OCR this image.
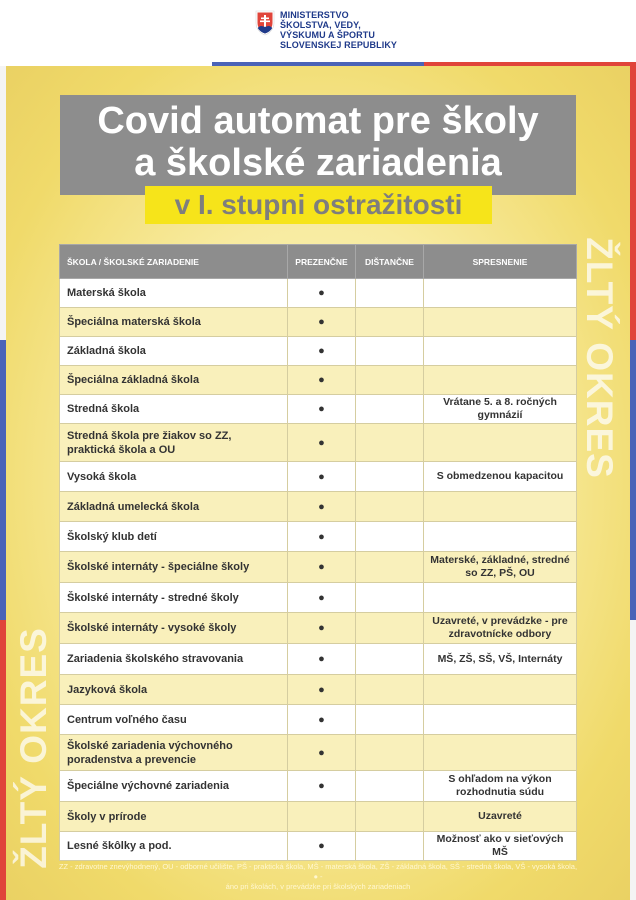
MINISTERSTVO
ŠKOLSTVA, VEDY,
VÝSKUMU A ŠPORTU
SLOVENSKEJ REPUBLIKY
ŽLTÝ OKRES
ŽLTÝ OKRES
Covid automat pre školy
a školské zariadenia
v I. stupni ostražitosti
ŠKOLA / ŠKOLSKÉ ZARIADENIE	PREZENČNE	DIŠTANČNE	SPRESNENIE
Materská škola	●		
Špeciálna materská škola	●		
Základná škola	●		
Špeciálna základná škola	●		
Stredná škola	●		Vrátane 5. a 8. ročných gymnázií
Stredná škola pre žiakov so ZZ, praktická škola a OU	●		
Vysoká škola	●		S obmedzenou kapacitou
Základná umelecká škola	●		
Školský klub detí	●		
Školské internáty - špeciálne školy	●		Materské, základné, stredné so ZZ, PŠ, OU
Školské internáty - stredné školy	●		
Školské internáty - vysoké školy	●		Uzavreté, v prevádzke - pre zdravotnícke odbory
Zariadenia školského stravovania	●		MŠ, ZŠ, SŠ, VŠ, Internáty
Jazyková škola	●		
Centrum voľného času	●		
Školské zariadenia výchovného poradenstva a prevencie	●		
Špeciálne výchovné zariadenia	●		S ohľadom na výkon rozhodnutia súdu
Školy v prírode			Uzavreté
Lesné škôlky a pod.	●		Možnosť ako v sieťových MŠ
ZZ - zdravotne znevýhodnený, OU - odborné učilište, PŠ - praktická škola, MŠ - materská škola, ZŠ - základná škola, SŠ - stredná škola, VŠ - vysoká škola, ● -
áno pri školách, v prevádzke pri školských zariadeniach
